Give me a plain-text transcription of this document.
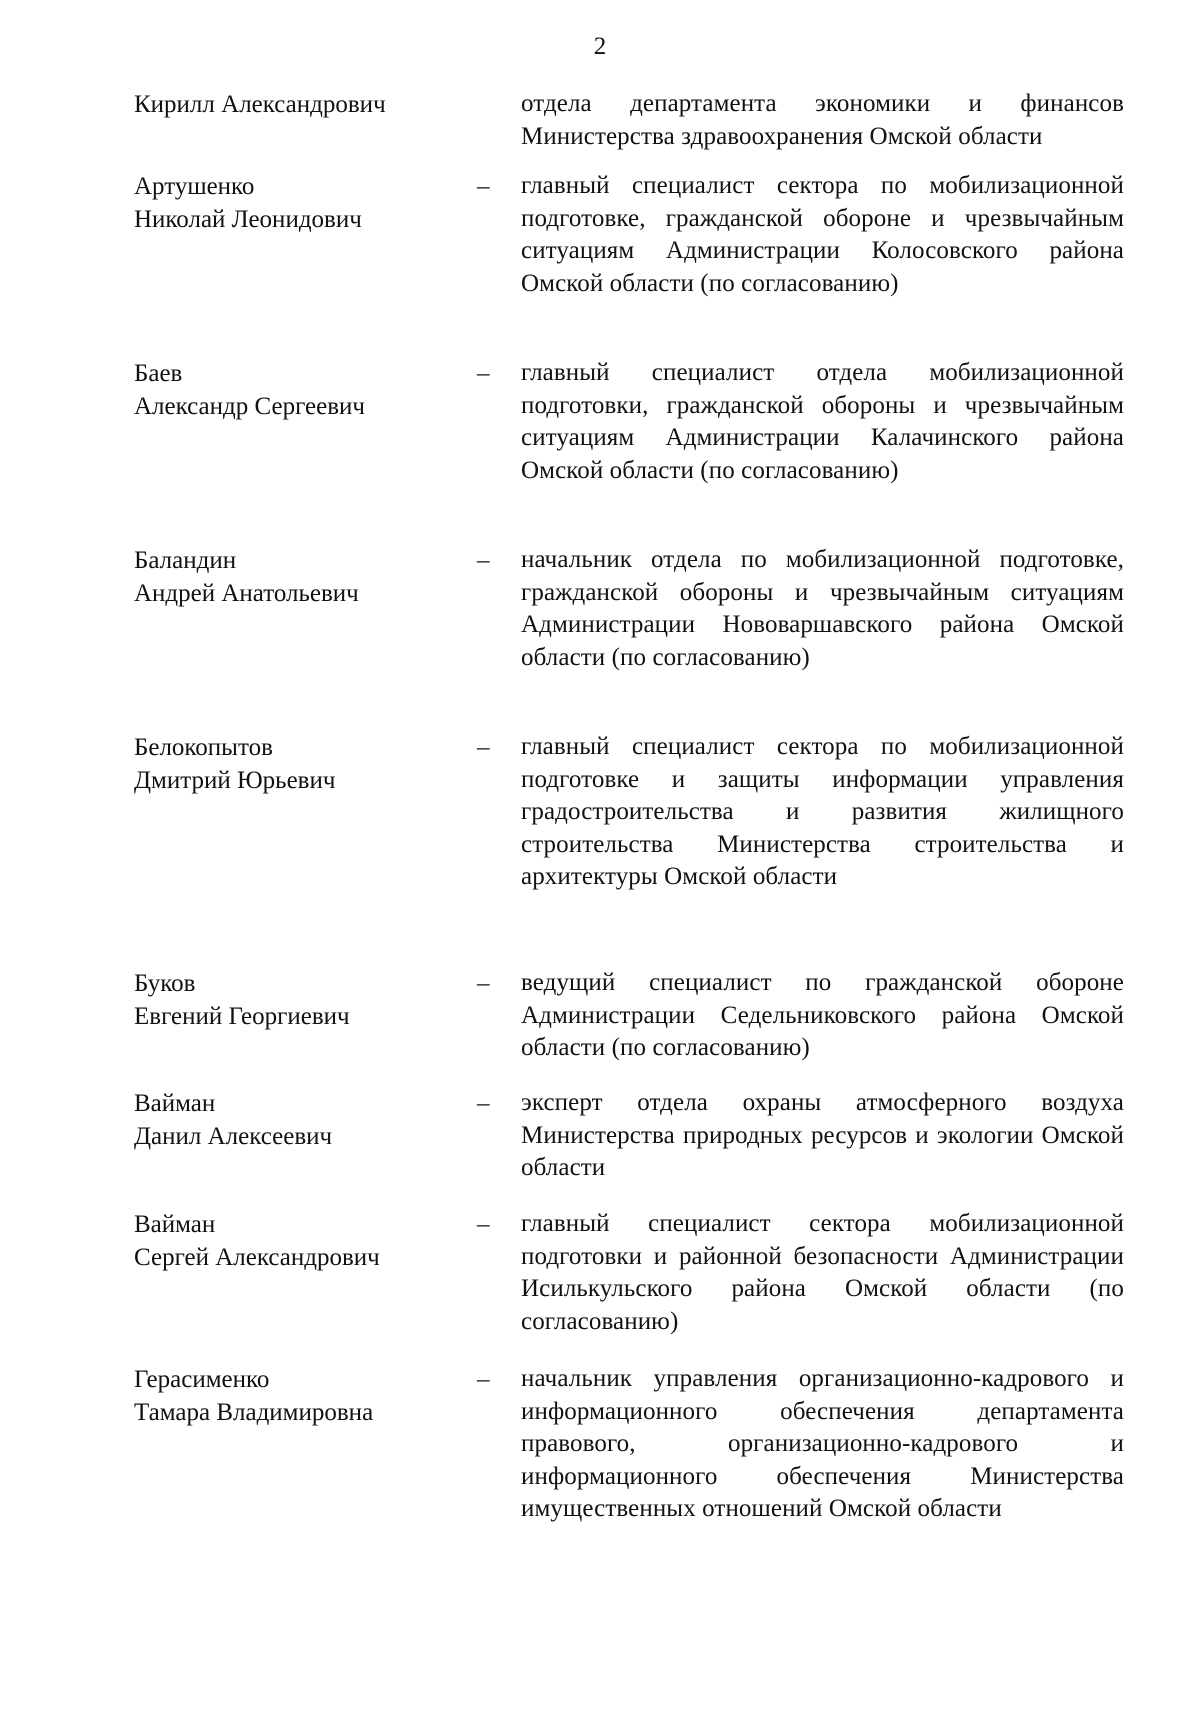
2
Кирилл Александрович	отдела департамента экономики и финансов Министерства здравоохранения Омской области
Артушенко
Николай Леонидович
– главный специалист сектора по мобилизационной подготовке, гражданской обороне и чрезвычайным ситуациям Администрации Колосовского района Омской области (по согласованию)
Баев
Александр Сергеевич
– главный специалист отдела мобилизационной подготовки, гражданской обороны и чрезвычайным ситуациям Администрации Калачинского района Омской области (по согласованию)
Баландин
Андрей Анатольевич
– начальник отдела по мобилизационной подготовке, гражданской обороны и чрезвычайным ситуациям Администрации Нововаршавского района Омской области (по согласованию)
Белокопытов
Дмитрий Юрьевич
– главный специалист сектора по мобилизационной подготовке и защиты информации управления градостроительства и развития жилищного строительства Министерства строительства и архитектуры Омской области
Буков
Евгений Георгиевич
– ведущий специалист по гражданской обороне Администрации Седельниковского района Омской области (по согласованию)
Вайман
Данил Алексеевич
– эксперт отдела охраны атмосферного воздуха Министерства природных ресурсов и экологии Омской области
Вайман
Сергей Александрович
– главный специалист сектора мобилизационной подготовки и районной безопасности Администрации Исилькульского района Омской области (по согласованию)
Герасименко
Тамара Владимировна
– начальник управления организационно-кадрового и информационного обеспечения департамента правового, организационно-кадрового и информационного обеспечения Министерства имущественных отношений Омской области
